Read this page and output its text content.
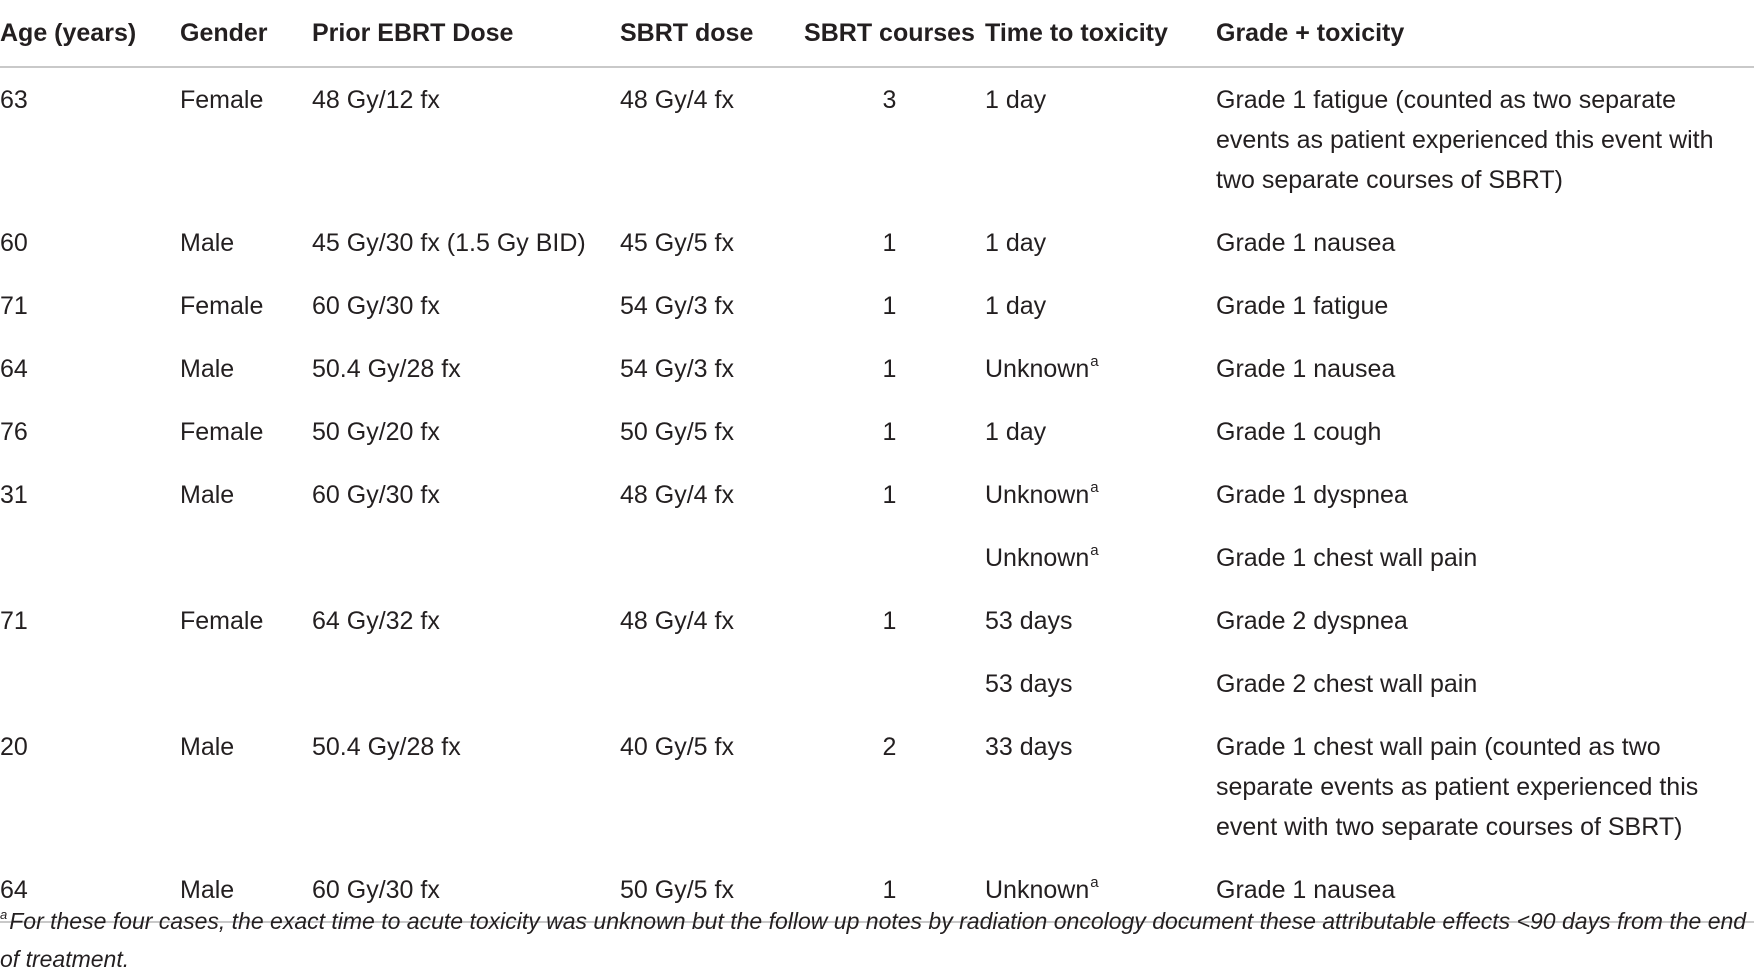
Age (years)	Gender	Prior EBRT Dose	SBRT dose	SBRT courses	Time to toxicity	Grade + toxicity
63	Female	48 Gy/12 fx	48 Gy/4 fx	3	1 day	Grade 1 fatigue (counted as two separate events as patient experienced this event with two separate courses of SBRT)
60	Male	45 Gy/30 fx (1.5 Gy BID)	45 Gy/5 fx	1	1 day	Grade 1 nausea
71	Female	60 Gy/30 fx	54 Gy/3 fx	1	1 day	Grade 1 fatigue
64	Male	50.4 Gy/28 fx	54 Gy/3 fx	1	Unknown$^a$	Grade 1 nausea
76	Female	50 Gy/20 fx	50 Gy/5 fx	1	1 day	Grade 1 cough
31	Male	60 Gy/30 fx	48 Gy/4 fx	1	Unknown$^a$	Grade 1 dyspnea
					Unknown$^a$	Grade 1 chest wall pain
71	Female	64 Gy/32 fx	48 Gy/4 fx	1	53 days	Grade 2 dyspnea
					53 days	Grade 2 chest wall pain
20	Male	50.4 Gy/28 fx	40 Gy/5 fx	2	33 days	Grade 1 chest wall pain (counted as two separate events as patient experienced this event with two separate courses of SBRT)
64	Male	60 Gy/30 fx	50 Gy/5 fx	1	Unknown$^a$	Grade 1 nausea
$^a$For these four cases, the exact time to acute toxicity was unknown but the follow up notes by radiation oncology document these attributable effects <90 days from the end of treatment.
